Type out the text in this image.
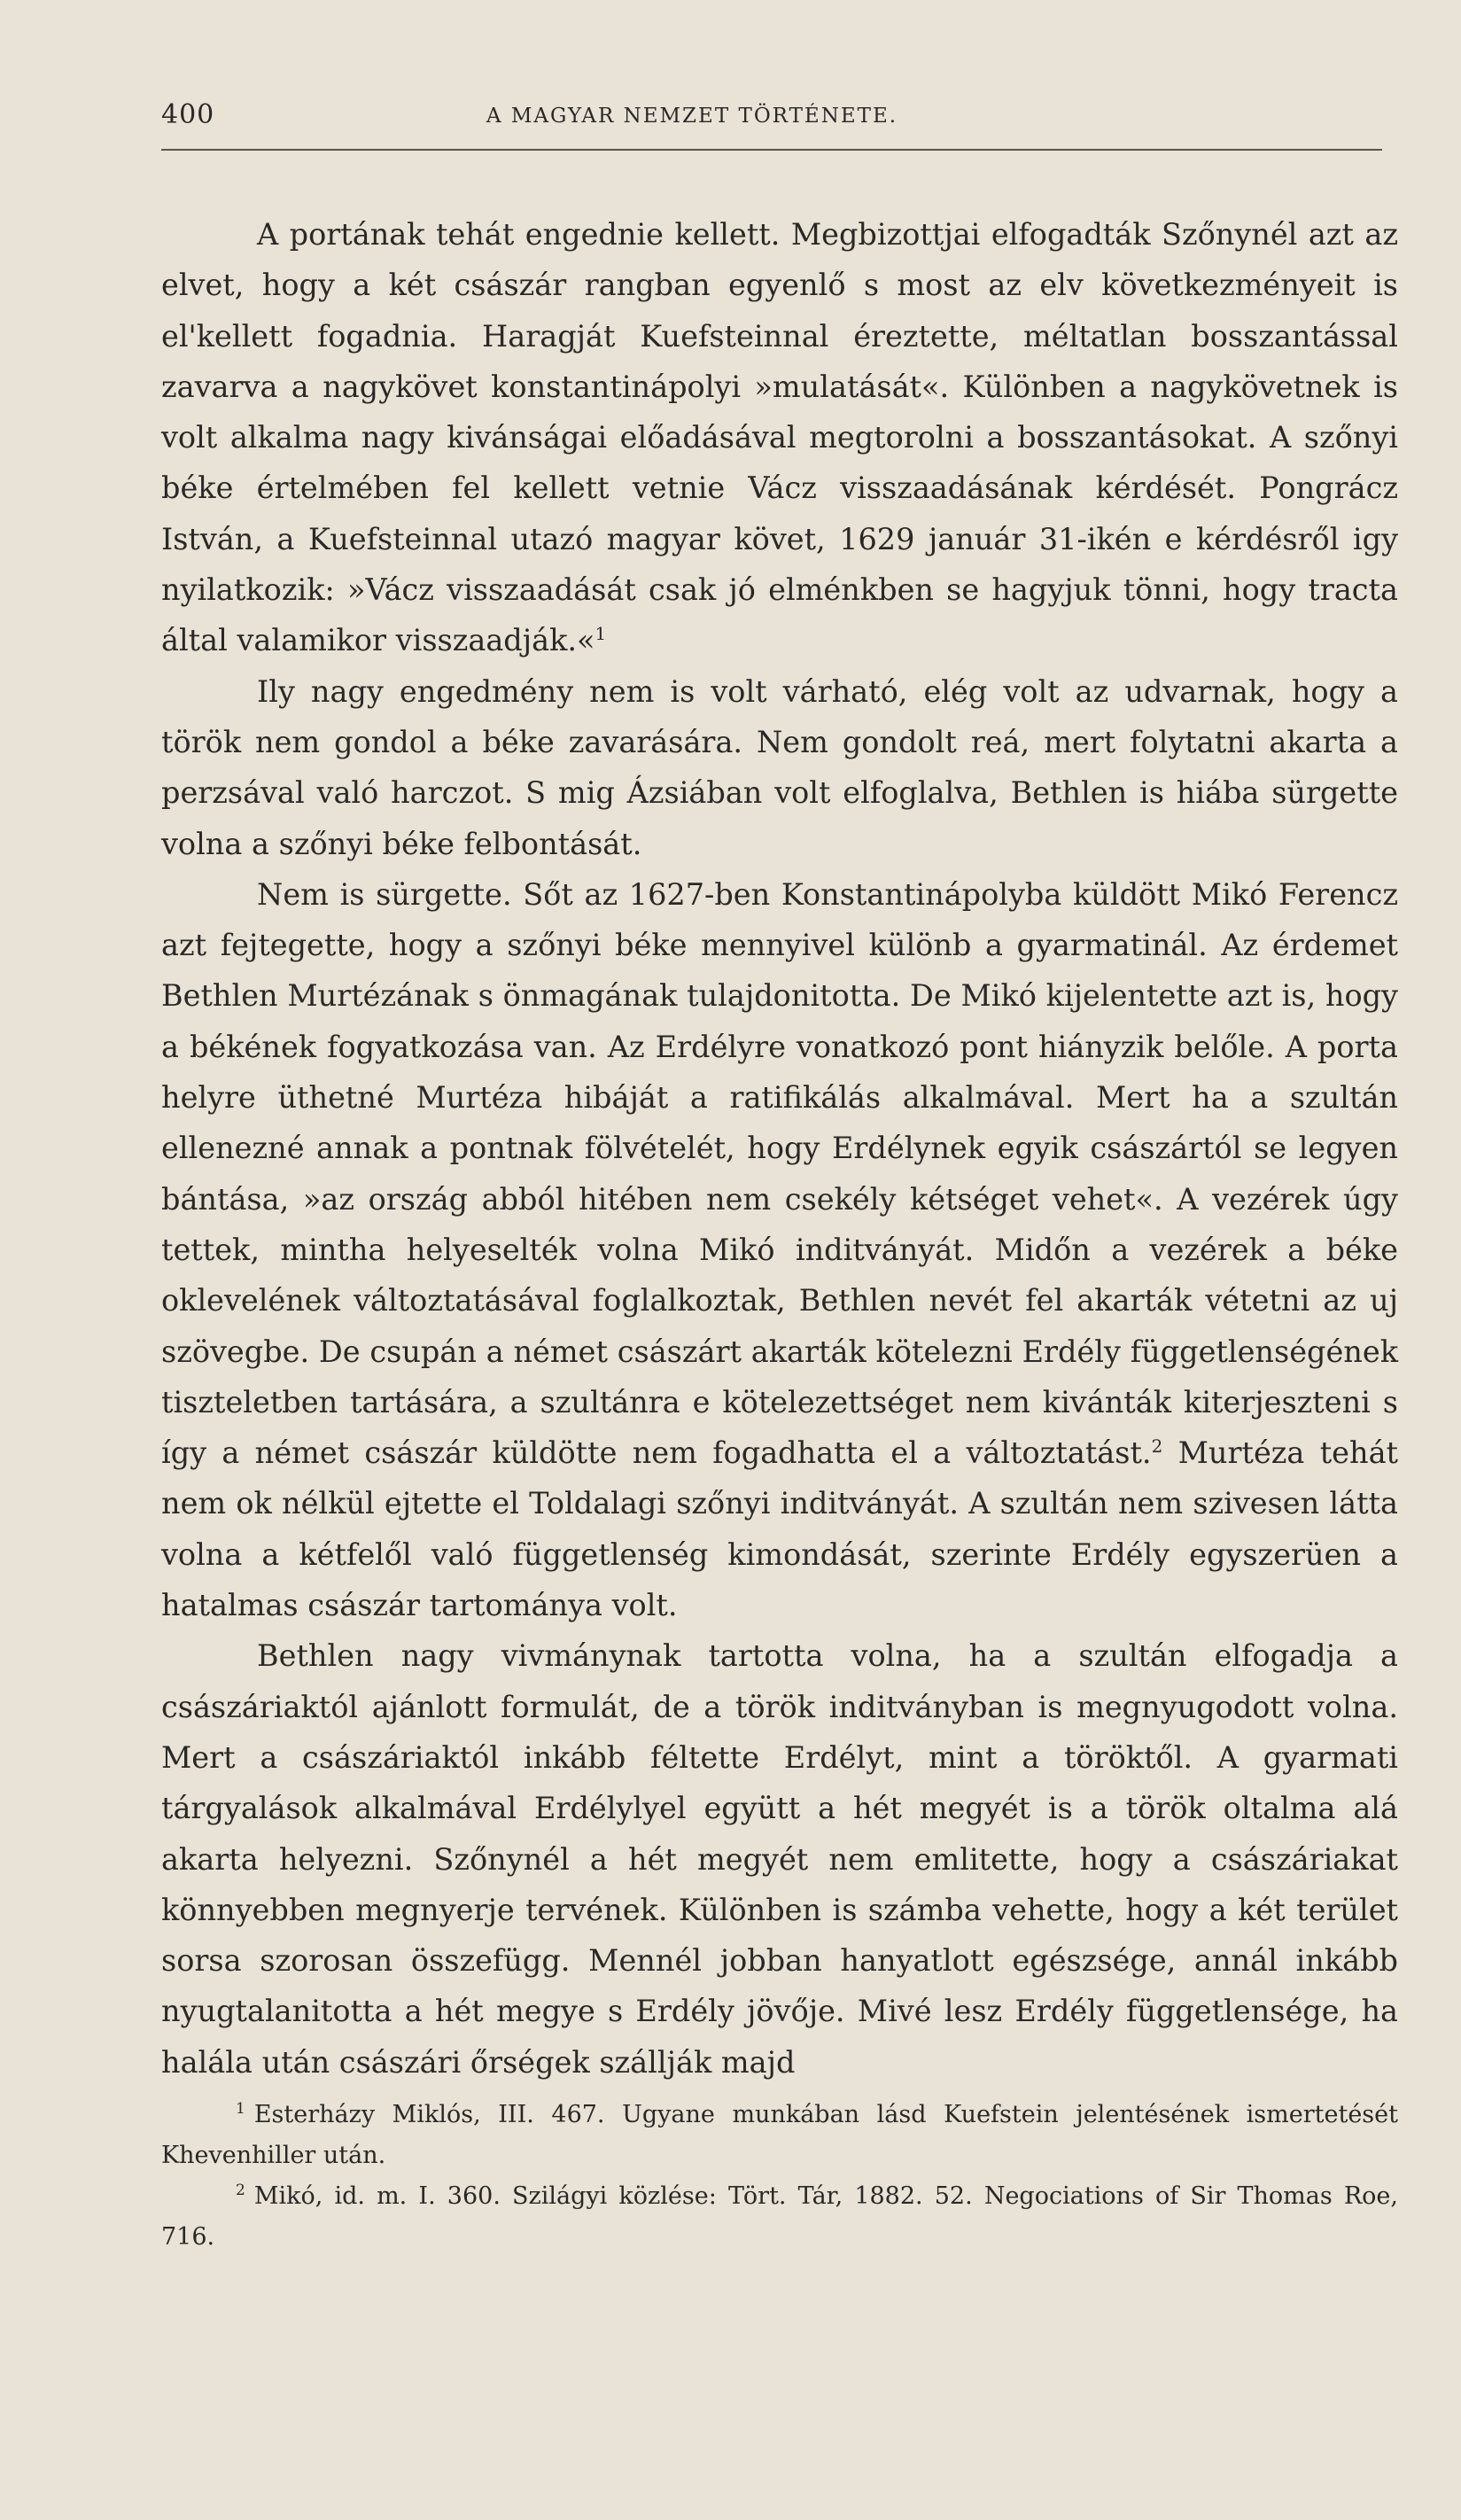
400	A MAGYAR NEMZET TÖRTÉNETE.

A portának tehát engednie kellett. Megbizottjai elfogadták Szőnynél azt az elvet, hogy a két császár rangban egyenlő s most az elv következményeit is el'kellett fogadnia. Haragját Kuefsteinnal éreztette, méltatlan bosszantással zavarva a nagykövet konstantinápolyi »mulatását«. Különben a nagykövetnek is volt alkalma nagy kivánságai előadásával megtorolni a bosszantásokat. A szőnyi béke értelmében fel kellett vetnie Vácz visszaadásának kérdését. Pongrácz István, a Kuefsteinnal utazó magyar követ, 1629 január 31-ikén e kérdésről igy nyilatkozik: »Vácz visszaadását csak jó elménkben se hagyjuk tönni, hogy tracta által valamikor visszaadják.«$^1$

Ily nagy engedmény nem is volt várható, elég volt az udvarnak, hogy a török nem gondol a béke zavarására. Nem gondolt reá, mert folytatni akarta a perzsával való harczot. S mig Ázsiában volt elfoglalva, Bethlen is hiába sürgette volna a szőnyi béke felbontását.

Nem is sürgette. Sőt az 1627-ben Konstantinápolyba küldött Mikó Ferencz azt fejtegette, hogy a szőnyi béke mennyivel különb a gyarmatinál. Az érdemet Bethlen Murtézának s önmagának tulajdonitotta. De Mikó kijelentette azt is, hogy a békének fogyatkozása van. Az Erdélyre vonatkozó pont hiányzik belőle. A porta helyre üthetné Murtéza hibáját a ratifikálás alkalmával. Mert ha a szultán ellenezné annak a pontnak fölvételét, hogy Erdélynek egyik császártól se legyen bántása, »az ország abból hitében nem csekély kétséget vehet«. A vezérek úgy tettek, mintha helyeselték volna Mikó inditványát. Midőn a vezérek a béke oklevelének változtatásával foglalkoztak, Bethlen nevét fel akarták vétetni az uj szövegbe. De csupán a német császárt akarták kötelezni Erdély függetlenségének tiszteletben tartására, a szultánra e kötelezettséget nem kivánták kiterjeszteni s így a német császár küldötte nem fogadhatta el a változtatást.$^2$ Murtéza tehát nem ok nélkül ejtette el Toldalagi szőnyi inditványát. A szultán nem szivesen látta volna a kétfelől való függetlenség kimondását, szerinte Erdély egyszerüen a hatalmas császár tartománya volt.

Bethlen nagy vivmánynak tartotta volna, ha a szultán elfogadja a császáriaktól ajánlott formulát, de a török inditványban is megnyugodott volna. Mert a császáriaktól inkább féltette Erdélyt, mint a töröktől. A gyarmati tárgyalások alkalmával Erdélylyel együtt a hét megyét is a török oltalma alá akarta helyezni. Szőnynél a hét megyét nem emlitette, hogy a császáriakat könnyebben megnyerje tervének. Különben is számba vehette, hogy a két terület sorsa szorosan összefügg. Mennél jobban hanyatlott egészsége, annál inkább nyugtalanitotta a hét megye s Erdély jövője. Mivé lesz Erdély függetlensége, ha halála után császári őrségek szállják majd

$^1$ Esterházy Miklós, III. 467. Ugyane munkában lásd Kuefstein jelentésének ismertetését Khevenhiller után.

$^2$ Mikó, id. m. I. 360. Szilágyi közlése: Tört. Tár, 1882. 52. Negociations of Sir Thomas Roe, 716.
